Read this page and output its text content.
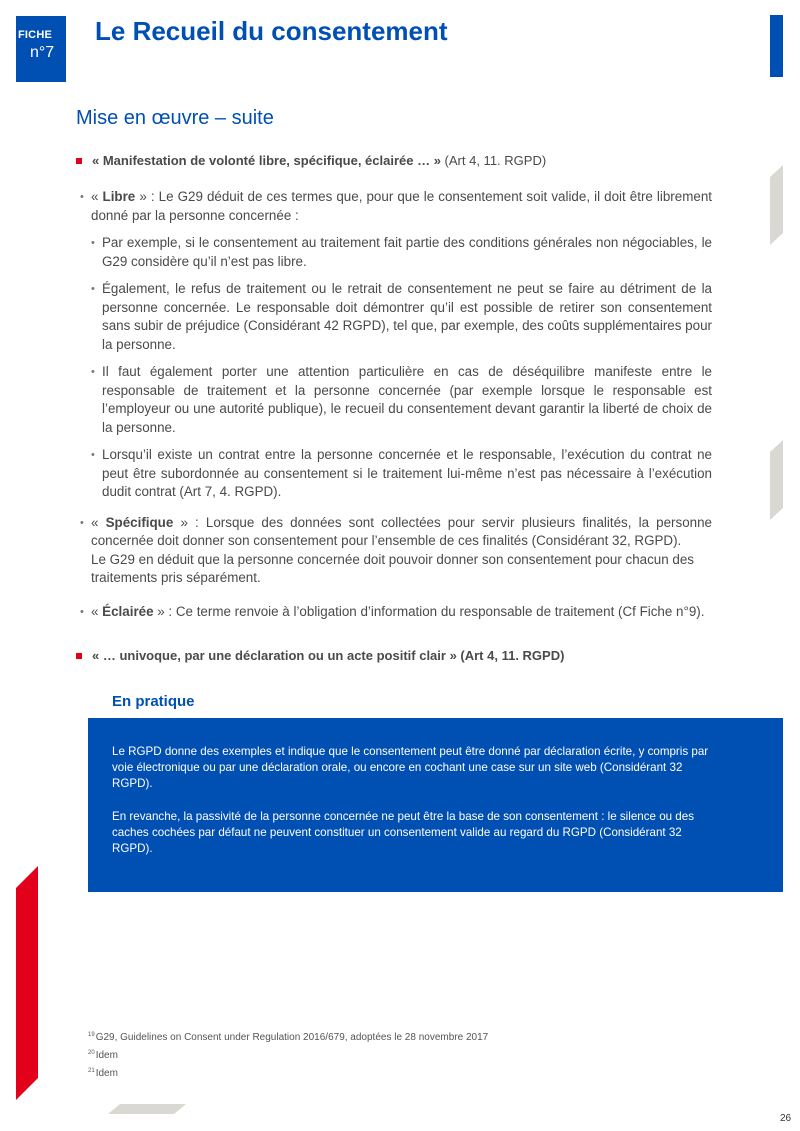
FICHE
n°7
Le Recueil du consentement
Mise en œuvre – suite
« Manifestation de volonté libre, spécifique, éclairée … » (Art 4, 11. RGPD)

• « Libre » : Le G29 déduit de ces termes que, pour que le consentement soit valide, il doit être librement donné par la personne concernée :

• Par exemple, si le consentement au traitement fait partie des conditions générales non négociables, le G29 considère qu’il n’est pas libre.

• Également, le refus de traitement ou le retrait de consentement ne peut se faire au détriment de la personne concernée. Le responsable doit démontrer qu’il est possible de retirer son consentement sans subir de préjudice (Considérant 42 RGPD), tel que, par exemple, des coûts supplémentaires pour la personne.

• Il faut également porter une attention particulière en cas de déséquilibre manifeste entre le responsable de traitement et la personne concernée (par exemple lorsque le responsable est l’employeur ou une autorité publique), le recueil du consentement devant garantir la liberté de choix de la personne.

• Lorsqu’il existe un contrat entre la personne concernée et le responsable, l’exécution du contrat ne peut être subordonnée au consentement si le traitement lui-même n’est pas nécessaire à l’exécution dudit contrat (Art 7, 4. RGPD).

• « Spécifique » : Lorsque des données sont collectées pour servir plusieurs finalités, la personne concernée doit donner son consentement pour l’ensemble de ces finalités (Considérant 32, RGPD).

Le G29 en déduit que la personne concernée doit pouvoir donner son consentement pour chacun des traitements pris séparément.

• « Éclairée » : Ce terme renvoie à l’obligation d’information du responsable de traitement (Cf Fiche n°9).

« … univoque, par une déclaration ou un acte positif clair » (Art 4, 11. RGPD)
En pratique

Le RGPD donne des exemples et indique que le consentement peut être donné par déclaration écrite, y compris par voie électronique ou par une déclaration orale, ou encore en cochant une case sur un site web (Considérant 32 RGPD).

En revanche, la passivité de la personne concernée ne peut être la base de son consentement : le silence ou des caches cochées par défaut ne peuvent constituer un consentement valide au regard du RGPD (Considérant 32 RGPD).

$^{19}$G29, Guidelines on Consent under Regulation 2016/679, adoptées le 28 novembre 2017
$^{20}$Idem
$^{21}$Idem
26
